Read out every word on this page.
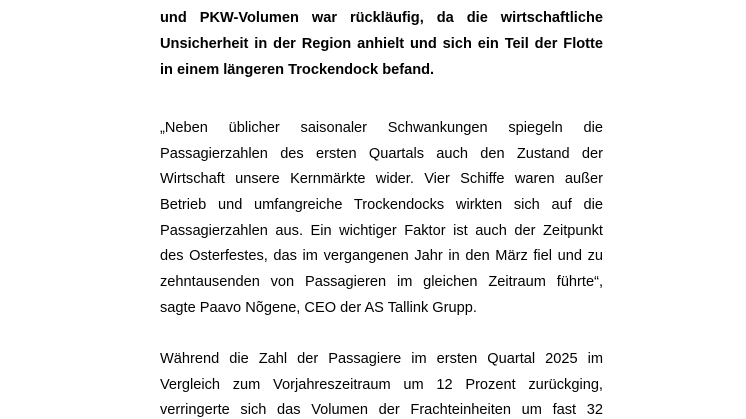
und PKW-Volumen war rückläufig, da die wirtschaftliche
Unsicherheit in der Region anhielt und sich ein Teil der Flotte
in einem längeren Trockendock befand.
„Neben üblicher saisonaler Schwankungen spiegeln die
Passagierzahlen des ersten Quartals auch den Zustand der
Wirtschaft unsere Kernmärkte wider. Vier Schiffe waren außer
Betrieb und umfangreiche Trockendocks wirkten sich auf die
Passagierzahlen aus. Ein wichtiger Faktor ist auch der Zeitpunkt
des Osterfestes, das im vergangenen Jahr in den März fiel und zu
zehntausenden von Passagieren im gleichen Zeitraum führte“,
sagte Paavo Nõgene, CEO der AS Tallink Grupp.
Während die Zahl der Passagiere im ersten Quartal 2025 im
Vergleich zum Vorjahreszeitraum um 12 Prozent zurückging,
verringerte sich das Volumen der Frachteinheiten um fast 32
